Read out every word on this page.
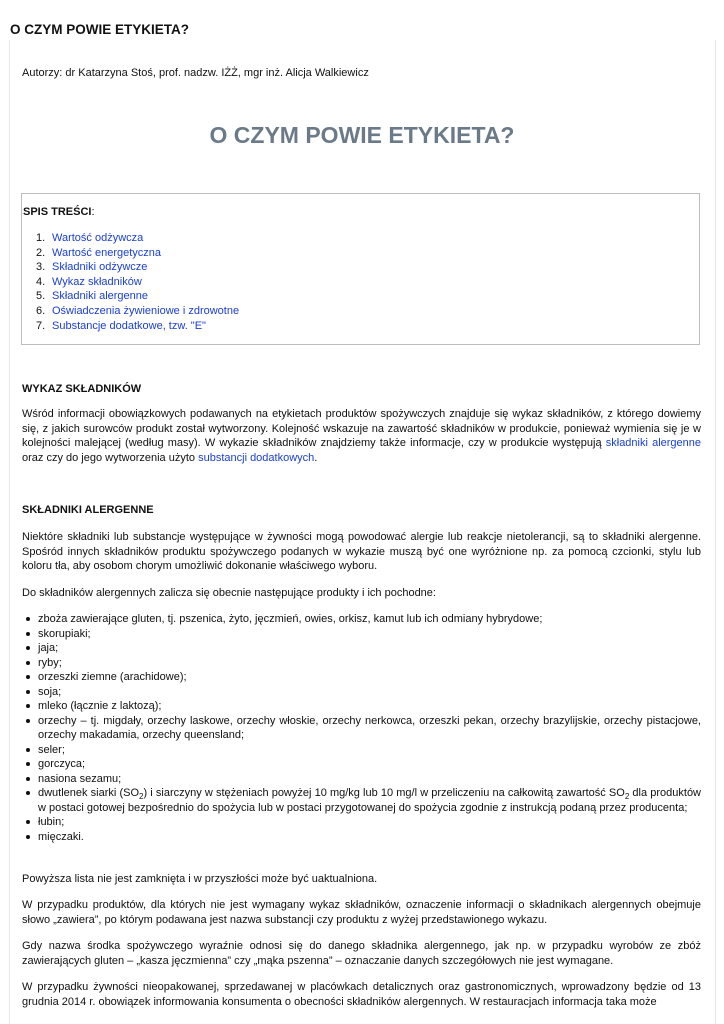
O CZYM POWIE ETYKIETA?

Autorzy: dr Katarzyna Stoś, prof. nadzw. IŻŻ, mgr inż. Alicja Walkiewicz

O CZYM POWIE ETYKIETA?

SPIS TREŚCI:

1. Wartość odżywcza
2. Wartość energetyczna
3. Składniki odżywcze
4. Wykaz składników
5. Składniki alergenne
6. Oświadczenia żywieniowe i zdrowotne
7. Substancje dodatkowe, tzw. "E"
WYKAZ SKŁADNIKÓW

Wśród informacji obowiązkowych podawanych na etykietach produktów spożywczych znajduje się wykaz składników, z którego dowiemy się, z jakich surowców produkt został wytworzony. Kolejność wskazuje na zawartość składników w produkcie, ponieważ wymienia się je w kolejności malejącej (według masy). W wykazie składników znajdziemy także informacje, czy w produkcie występują składniki alergenne oraz czy do jego wytworzenia użyto substancji dodatkowych.

SKŁADNIKI ALERGENNE

Niektóre składniki lub substancje występujące w żywności mogą powodować alergie lub reakcje nietolerancji, są to składniki alergenne. Spośród innych składników produktu spożywczego podanych w wykazie muszą być one wyróżnione np. za pomocą czcionki, stylu lub koloru tła, aby osobom chorym umożliwić dokonanie właściwego wyboru.

Do składników alergennych zalicza się obecnie następujące produkty i ich pochodne:

zboża zawierające gluten, tj. pszenica, żyto, jęczmień, owies, orkisz, kamut lub ich odmiany hybrydowe;
skorupiaki;
jaja;
ryby;
orzeszki ziemne (arachidowe);
soja;
mleko (łącznie z laktozą);
orzechy – tj. migdały, orzechy laskowe, orzechy włoskie, orzechy nerkowca, orzeszki pekan, orzechy brazylijskie, orzechy pistacjowe, orzechy makadamia, orzechy queensland;
seler;
gorczyca;
nasiona sezamu;
dwutlenek siarki $(SO_2)$ i siarczyny w stężeniach powyżej 10 mg/kg lub 10 mg/l w przeliczeniu na całkowitą zawartość $SO_2$ dla produktów w postaci gotowej bezpośrednio do spożycia lub w postaci przygotowanej do spożycia zgodnie z instrukcją podaną przez producenta;
łubin;
mięczaki.

Powyższa lista nie jest zamknięta i w przyszłości może być uaktualniona.

W przypadku produktów, dla których nie jest wymagany wykaz składników, oznaczenie informacji o składnikach alergennych obejmuje słowo „zawiera”, po którym podawana jest nazwa substancji czy produktu z wyżej przedstawionego wykazu.

Gdy nazwa środka spożywczego wyraźnie odnosi się do danego składnika alergennego, jak np. w przypadku wyrobów ze zbóż zawierających gluten – „kasza jęczmienna” czy „mąka pszenna” – oznaczanie danych szczegółowych nie jest wymagane.

W przypadku żywności nieopakowanej, sprzedawanej w placówkach detalicznych oraz gastronomicznych, wprowadzony będzie od 13 grudnia 2014 r. obowiązek informowania konsumenta o obecności składników alergennych. W restauracjach informacja taka może
